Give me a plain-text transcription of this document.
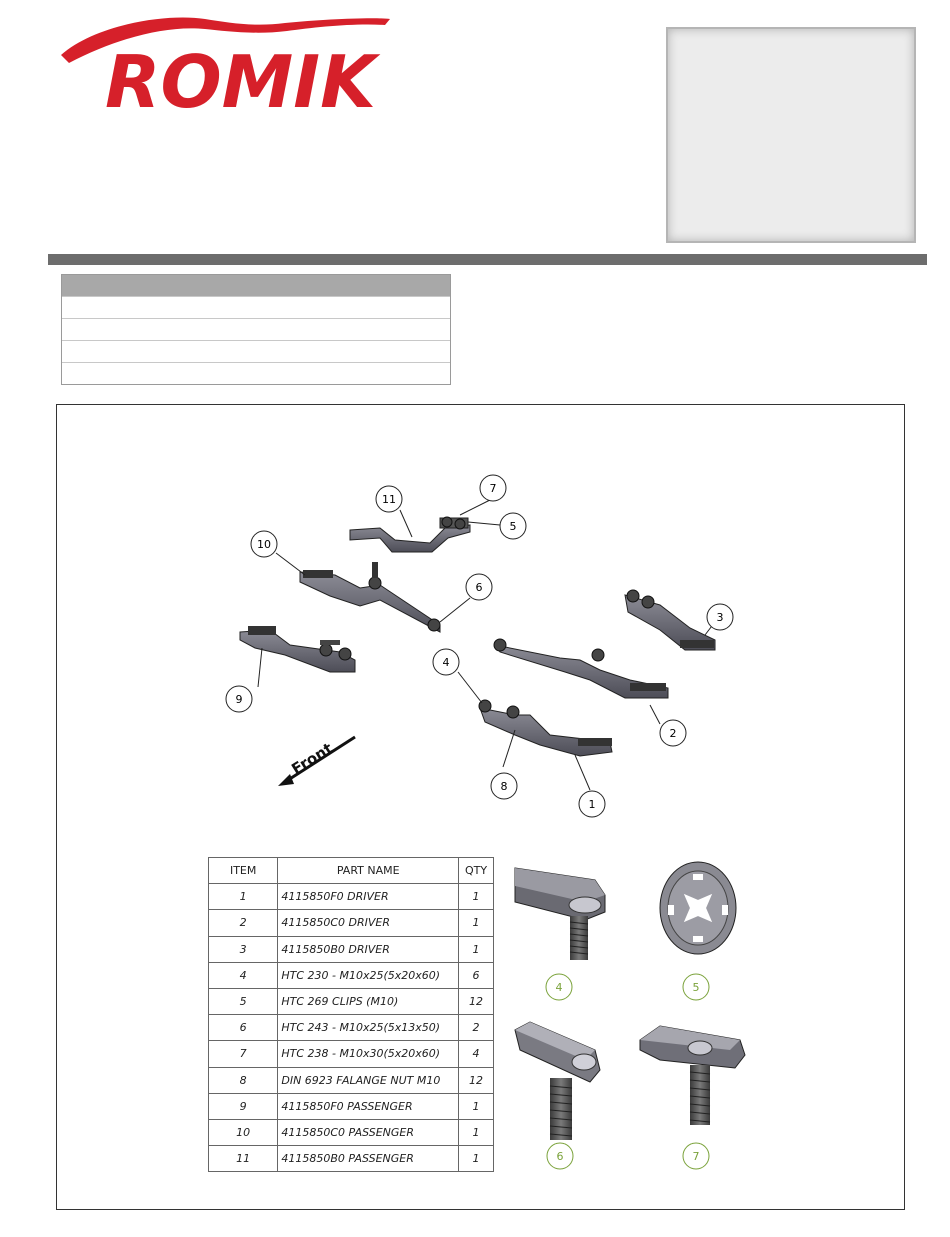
ROMIK
Front
11
7
5
10
6
3
4
9
2
8
1
ITEM	PART NAME	QTY
1	4115850F0 DRIVER	1
2	4115850C0 DRIVER	1
3	4115850B0 DRIVER	1
4	HTC 230 - M10x25(5x20x60)	6
5	HTC 269 CLIPS (M10)	12
6	HTC 243 - M10x25(5x13x50)	2
7	HTC 238 - M10x30(5x20x60)	4
8	DIN 6923 FALANGE NUT M10	12
9	4115850F0 PASSENGER	1
10	4115850C0 PASSENGER	1
11	4115850B0 PASSENGER	1
4	5
6	7
